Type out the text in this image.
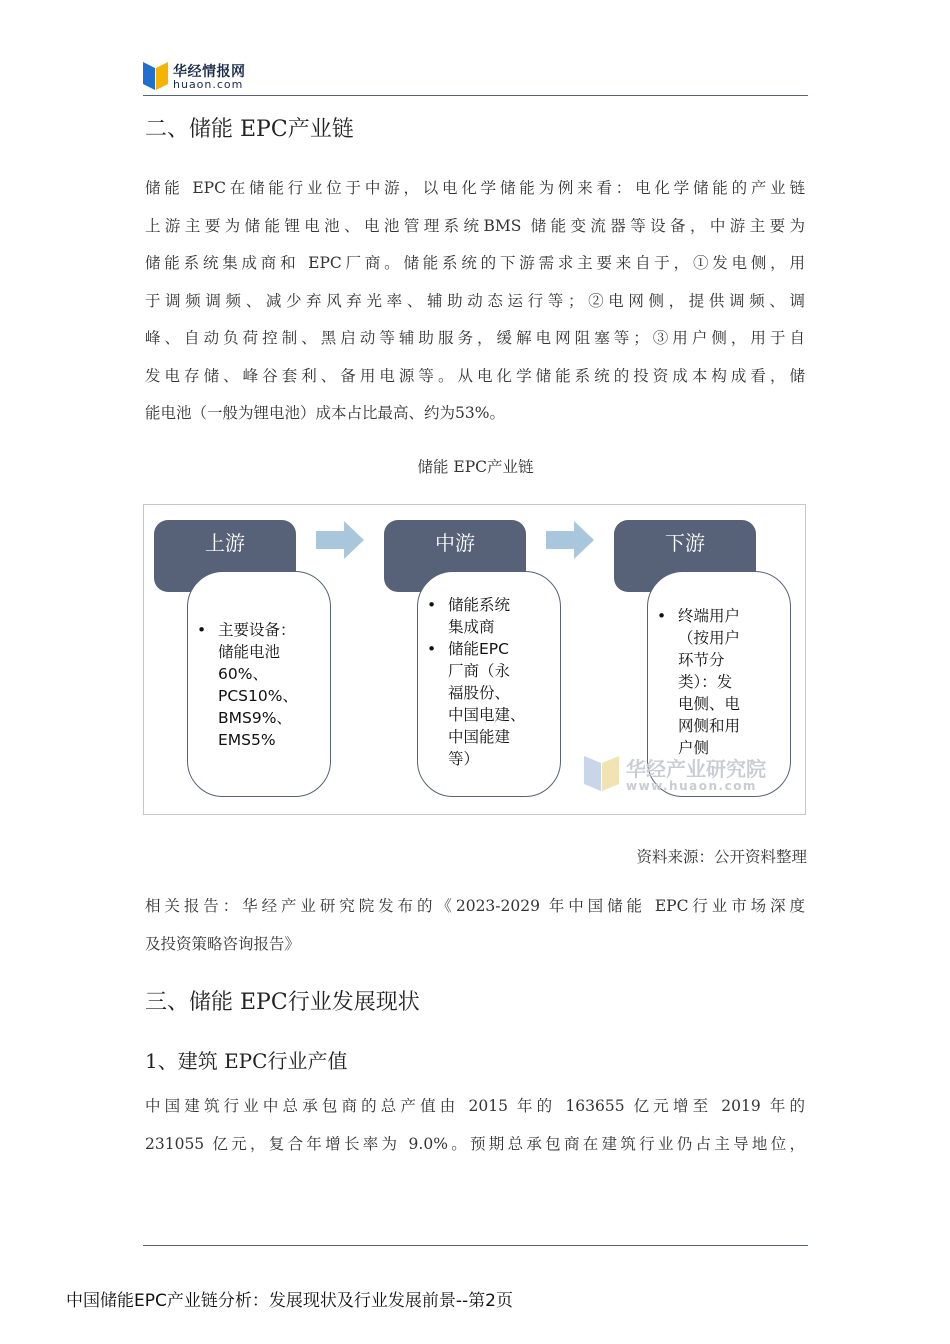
华经情报网
huaon.com
二、储能 EPC产业链
储能 EPC在储能行业位于中游，以电化学储能为例来看：电化学储能的产业链
上游主要为储能锂电池、电池管理系统BMS 储能变流器等设备，中游主要为
储能系统集成商和 EPC厂商。储能系统的下游需求主要来自于，①发电侧，用
于调频调频、减少弃风弃光率、辅助动态运行等；②电网侧，提供调频、调
峰、自动负荷控制、黑启动等辅助服务，缓解电网阻塞等；③用户侧，用于自
发电存储、峰谷套利、备用电源等。从电化学储能系统的投资成本构成看，储
能电池（一般为锂电池）成本占比最高、约为53%。
储能 EPC产业链
上游
• 主要设备：
储能电池
60%、
PCS10%、
BMS9%、
EMS5%
中游
• 储能系统
集成商
• 储能EPC
厂商（永
福股份、
中国电建、
中国能建
等）
下游
• 终端用户
（按用户
环节分
类）：发
电侧、电
网侧和用
户侧
华经产业研究院
www.huaon.com
资料来源：公开资料整理
相关报告：华经产业研究院发布的《2023-2029 年中国储能 EPC行业市场深度
及投资策略咨询报告》
三、储能 EPC行业发展现状
1、建筑 EPC行业产值
中国建筑行业中总承包商的总产值由 2015 年的 163655 亿元增至 2019 年的
231055 亿元，复合年增长率为 9.0%。预期总承包商在建筑行业仍占主导地位，
中国储能EPC产业链分析：发展现状及行业发展前景--第2页
